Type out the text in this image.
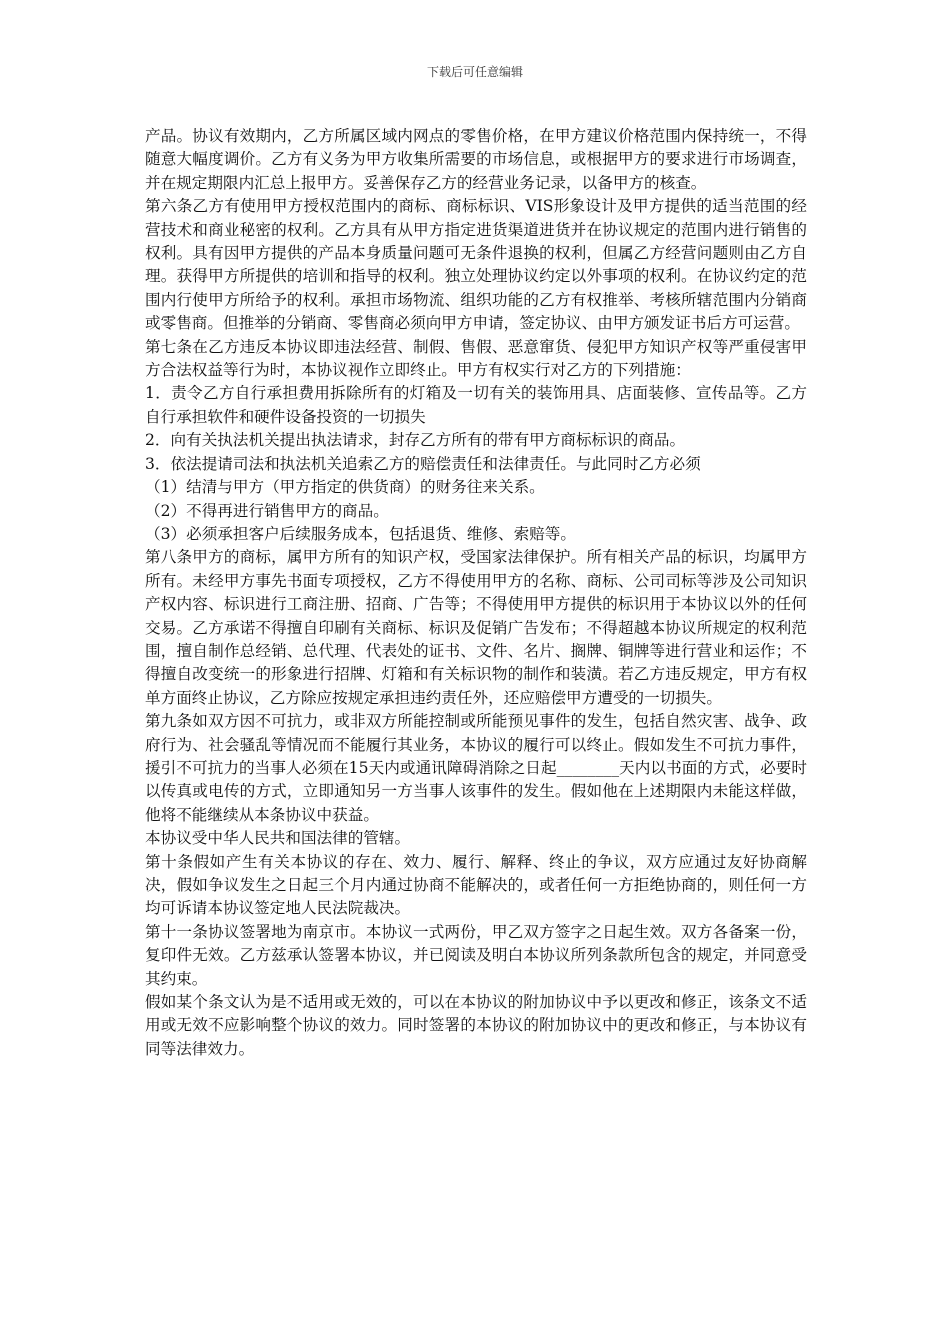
下载后可任意编辑

产品。协议有效期内，乙方所属区域内网点的零售价格，在甲方建议价格范围内保持统一，不得随意大幅度调价。乙方有义务为甲方收集所需要的市场信息，或根据甲方的要求进行市场调查，并在规定期限内汇总上报甲方。妥善保存乙方的经营业务记录，以备甲方的核查。

第六条乙方有使用甲方授权范围内的商标、商标标识、VIS形象设计及甲方提供的适当范围的经营技术和商业秘密的权利。乙方具有从甲方指定进货渠道进货并在协议规定的范围内进行销售的权利。具有因甲方提供的产品本身质量问题可无条件退换的权利，但属乙方经营问题则由乙方自理。获得甲方所提供的培训和指导的权利。独立处理协议约定以外事项的权利。在协议约定的范围内行使甲方所给予的权利。承担市场物流、组织功能的乙方有权推举、考核所辖范围内分销商或零售商。但推举的分销商、零售商必须向甲方申请，签定协议、由甲方颁发证书后方可运营。

第七条在乙方违反本协议即违法经营、制假、售假、恶意窜货、侵犯甲方知识产权等严重侵害甲方合法权益等行为时，本协议视作立即终止。甲方有权实行对乙方的下列措施：

1．责令乙方自行承担费用拆除所有的灯箱及一切有关的装饰用具、店面装修、宣传品等。乙方自行承担软件和硬件设备投资的一切损失

2．向有关执法机关提出执法请求，封存乙方所有的带有甲方商标标识的商品。

3．依法提请司法和执法机关追索乙方的赔偿责任和法律责任。与此同时乙方必须

（1）结清与甲方（甲方指定的供货商）的财务往来关系。

（2）不得再进行销售甲方的商品。

（3）必须承担客户后续服务成本，包括退货、维修、索赔等。

第八条甲方的商标，属甲方所有的知识产权，受国家法律保护。所有相关产品的标识，均属甲方所有。未经甲方事先书面专项授权，乙方不得使用甲方的名称、商标、公司司标等涉及公司知识产权内容、标识进行工商注册、招商、广告等；不得使用甲方提供的标识用于本协议以外的任何交易。乙方承诺不得擅自印刷有关商标、标识及促销广告发布；不得超越本协议所规定的权利范围，擅自制作总经销、总代理、代表处的证书、文件、名片、搁牌、铜牌等进行营业和运作；不得擅自改变统一的形象进行招牌、灯箱和有关标识物的制作和装潢。若乙方违反规定，甲方有权单方面终止协议，乙方除应按规定承担违约责任外，还应赔偿甲方遭受的一切损失。

第九条如双方因不可抗力，或非双方所能控制或所能预见事件的发生，包括自然灾害、战争、政府行为、社会骚乱等情况而不能履行其业务，本协议的履行可以终止。假如发生不可抗力事件，援引不可抗力的当事人必须在15天内或通讯障碍消除之日起________天内以书面的方式，必要时以传真或电传的方式，立即通知另一方当事人该事件的发生。假如他在上述期限内未能这样做，他将不能继续从本条协议中获益。

本协议受中华人民共和国法律的管辖。

第十条假如产生有关本协议的存在、效力、履行、解释、终止的争议，双方应通过友好协商解决，假如争议发生之日起三个月内通过协商不能解决的，或者任何一方拒绝协商的，则任何一方均可诉请本协议签定地人民法院裁决。

第十一条协议签署地为南京市。本协议一式两份，甲乙双方签字之日起生效。双方各备案一份，复印件无效。乙方兹承认签署本协议，并已阅读及明白本协议所列条款所包含的规定，并同意受其约束。

假如某个条文认为是不适用或无效的，可以在本协议的附加协议中予以更改和修正，该条文不适用或无效不应影响整个协议的效力。同时签署的本协议的附加协议中的更改和修正，与本协议有同等法律效力。
